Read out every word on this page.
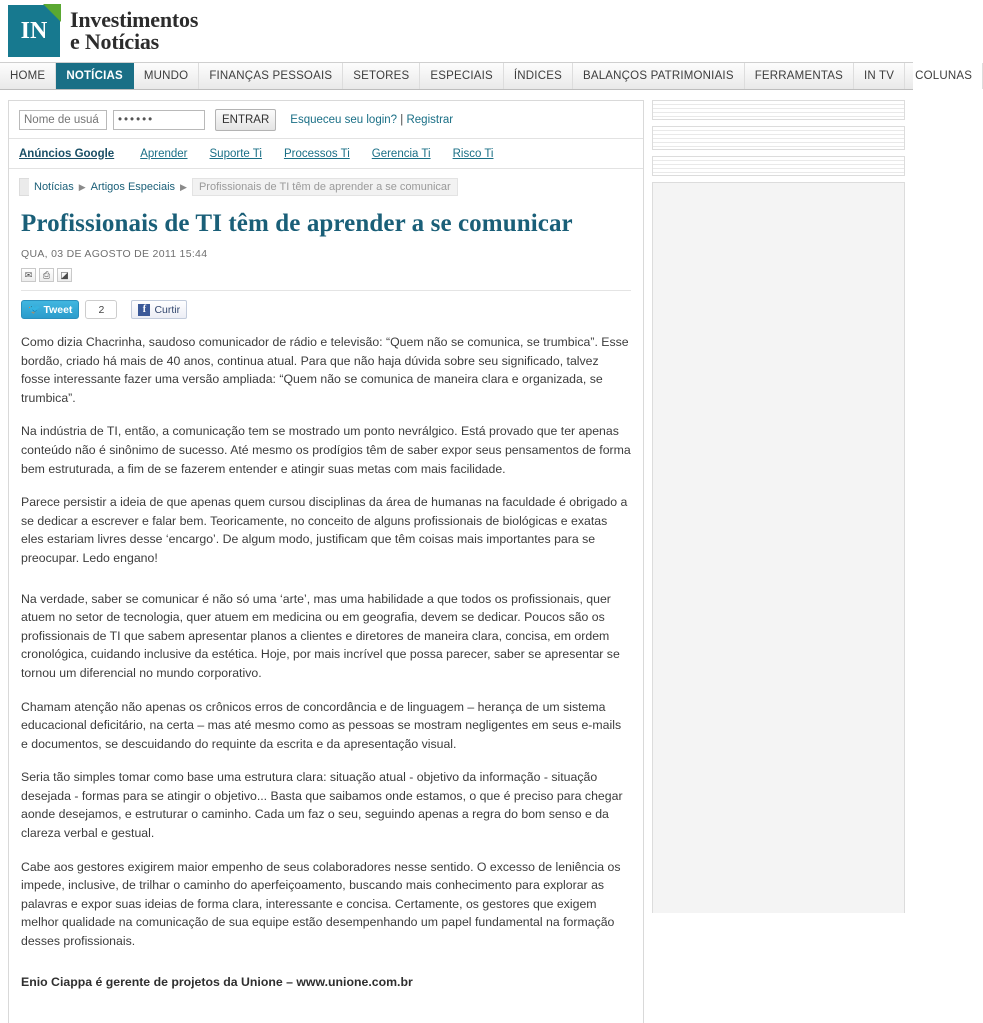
IN	Investimentos
e Notícias
HOME	NOTÍCIAS	MUNDO	FINANÇAS PESSOAIS	SETORES	ESPECIAIS	ÍNDICES	BALANÇOS PATRIMONIAIS	FERRAMENTAS	IN TV	COLUNAS
Nome de usuá
ENTRAR	Esqueceu seu login? | Registrar
Anúncios Google Aprender Suporte Ti Processos Ti Gerencia Ti Risco Ti
Notícias ▶ Artigos Especiais ▶	Profissionais de TI têm de aprender a se comunicar
Profissionais de TI têm de aprender a se comunicar
QUA, 03 DE AGOSTO DE 2011 15:44
✉	⎙	◪
🐦 Tweet	2	f Curtir

Como dizia Chacrinha, saudoso comunicador de rádio e televisão: “Quem não se comunica, se trumbica”. Esse bordão, criado há mais de 40 anos, continua atual. Para que não haja dúvida sobre seu significado, talvez fosse interessante fazer uma versão ampliada: “Quem não se comunica de maneira clara e organizada, se trumbica”.

Na indústria de TI, então, a comunicação tem se mostrado um ponto nevrálgico. Está provado que ter apenas conteúdo não é sinônimo de sucesso. Até mesmo os prodígios têm de saber expor seus pensamentos de forma bem estruturada, a fim de se fazerem entender e atingir suas metas com mais facilidade.

Parece persistir a ideia de que apenas quem cursou disciplinas da área de humanas na faculdade é obrigado a se dedicar a escrever e falar bem. Teoricamente, no conceito de alguns profissionais de biológicas e exatas eles estariam livres desse ‘encargo’. De algum modo, justificam que têm coisas mais importantes para se preocupar. Ledo engano!

Na verdade, saber se comunicar é não só uma ‘arte’, mas uma habilidade a que todos os profissionais, quer atuem no setor de tecnologia, quer atuem em medicina ou em geografia, devem se dedicar. Poucos são os profissionais de TI que sabem apresentar planos a clientes e diretores de maneira clara, concisa, em ordem cronológica, cuidando inclusive da estética. Hoje, por mais incrível que possa parecer, saber se apresentar se tornou um diferencial no mundo corporativo.

Chamam atenção não apenas os crônicos erros de concordância e de linguagem – herança de um sistema educacional deficitário, na certa – mas até mesmo como as pessoas se mostram negligentes em seus e-mails e documentos, se descuidando do requinte da escrita e da apresentação visual.

Seria tão simples tomar como base uma estrutura clara: situação atual - objetivo da informação - situação desejada - formas para se atingir o objetivo... Basta que saibamos onde estamos, o que é preciso para chegar aonde desejamos, e estruturar o caminho. Cada um faz o seu, seguindo apenas a regra do bom senso e da clareza verbal e gestual.

Cabe aos gestores exigirem maior empenho de seus colaboradores nesse sentido. O excesso de leniência os impede, inclusive, de trilhar o caminho do aperfeiçoamento, buscando mais conhecimento para explorar as palavras e expor suas ideias de forma clara, interessante e concisa. Certamente, os gestores que exigem melhor qualidade na comunicação de sua equipe estão desempenhando um papel fundamental na formação desses profissionais.

Enio Ciappa é gerente de projetos da Unione – www.unione.com.br
